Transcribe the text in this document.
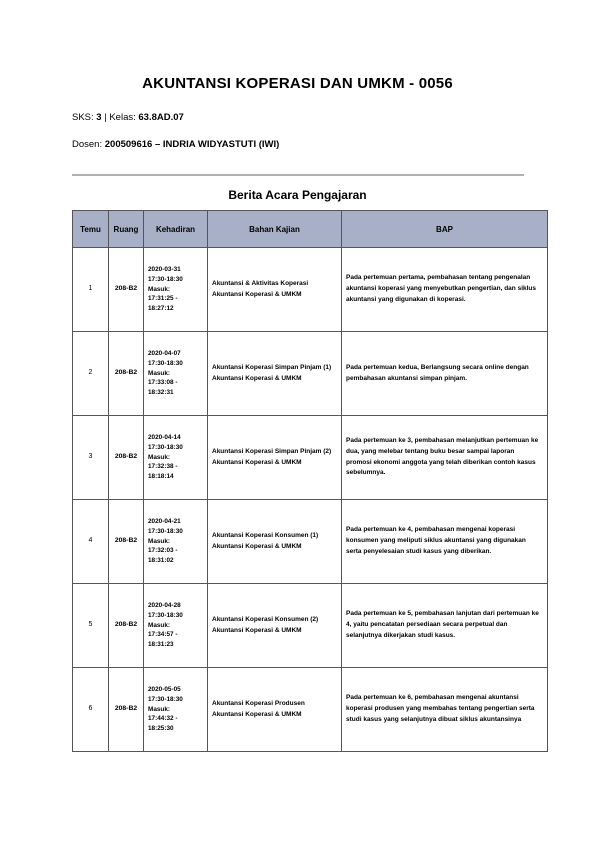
AKUNTANSI KOPERASI DAN UMKM - 0056
SKS: 3 | Kelas: 63.8AD.07
Dosen: 200509616 – INDRIA WIDYASTUTI (IWI)
Berita Acara Pengajaran
Temu	Ruang	Kehadiran	Bahan Kajian	BAP
1	208-B2	2020-03-31
17:30-18:30
Masuk:
17:31:25 -
18:27:12	Akuntansi & Aktivitas Koperasi
Akuntansi Koperasi & UMKM	Pada pertemuan pertama, pembahasan tentang pengenalan akuntansi koperasi yang menyebutkan pengertian, dan siklus akuntansi yang digunakan di koperasi.
2	208-B2	2020-04-07
17:30-18:30
Masuk:
17:33:08 -
18:32:31	Akuntansi Koperasi Simpan Pinjam (1)
Akuntansi Koperasi & UMKM	Pada pertemuan kedua, Berlangsung secara online dengan pembahasan akuntansi simpan pinjam.
3	208-B2	2020-04-14
17:30-18:30
Masuk:
17:32:38 -
18:18:14	Akuntansi Koperasi Simpan Pinjam (2)
Akuntansi Koperasi & UMKM	Pada pertemuan ke 3, pembahasan melanjutkan pertemuan ke dua, yang melebar tentang buku besar sampai laporan promosi ekonomi anggota yang telah diberikan contoh kasus sebelumnya.
4	208-B2	2020-04-21
17:30-18:30
Masuk:
17:32:03 -
18:31:02	Akuntansi Koperasi Konsumen (1)
Akuntansi Koperasi & UMKM	Pada pertemuan ke 4, pembahasan mengenai koperasi konsumen yang meliputi siklus akuntansi yang digunakan serta penyelesaian studi kasus yang diberikan.
5	208-B2	2020-04-28
17:30-18:30
Masuk:
17:34:57 -
18:31:23	Akuntansi Koperasi Konsumen (2)
Akuntansi Koperasi & UMKM	Pada pertemuan ke 5, pembahasan lanjutan dari pertemuan ke 4, yaitu pencatatan persediaan secara perpetual dan selanjutnya dikerjakan studi kasus.
6	208-B2	2020-05-05
17:30-18:30
Masuk:
17:44:32 -
18:25:30	Akuntansi Koperasi Produsen
Akuntansi Koperasi & UMKM	Pada pertemuan ke 6, pembahasan mengenai akuntansi koperasi produsen yang membahas tentang pengertian serta studi kasus yang selanjutnya dibuat siklus akuntansinya
